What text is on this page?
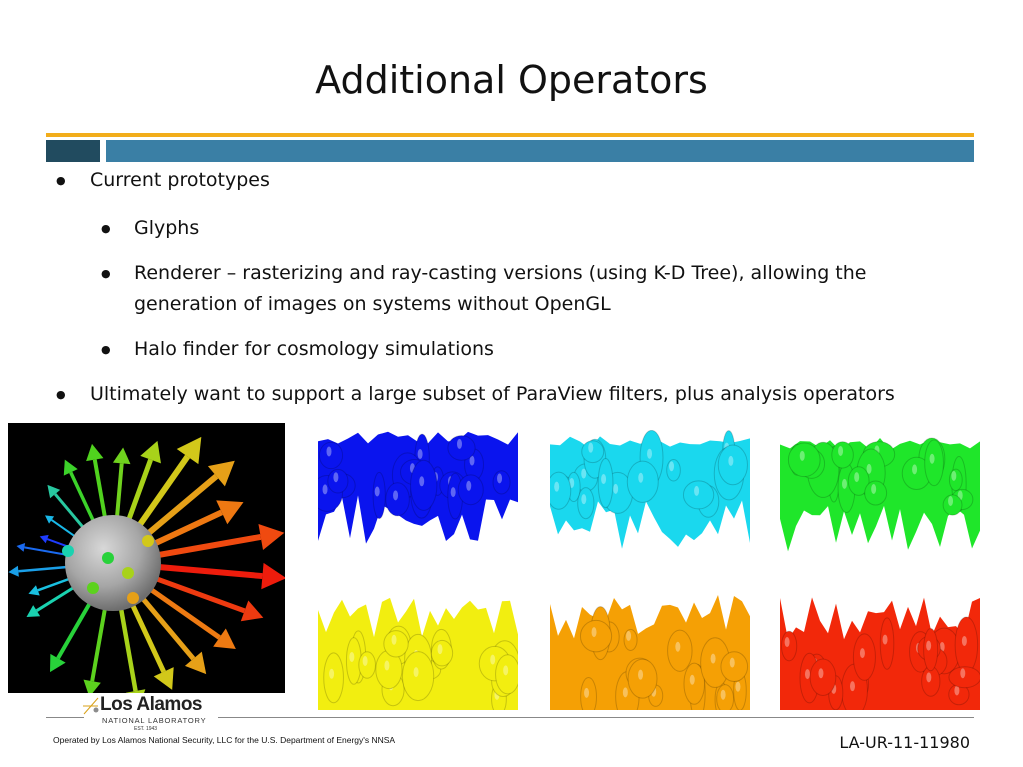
Additional Operators
● Current prototypes
● Glyphs
● Renderer – rasterizing and ray-casting versions (using K-D Tree), allowing the generation of images on systems without OpenGL
● Halo finder for cosmology simulations
● Ultimately want to support a large subset of ParaView filters, plus analysis operators
Los Alamos
NATIONAL LABORATORY
EST. 1943
Operated by Los Alamos National Security, LLC for the U.S. Department of Energy's NNSA	LA-UR-11-11980
